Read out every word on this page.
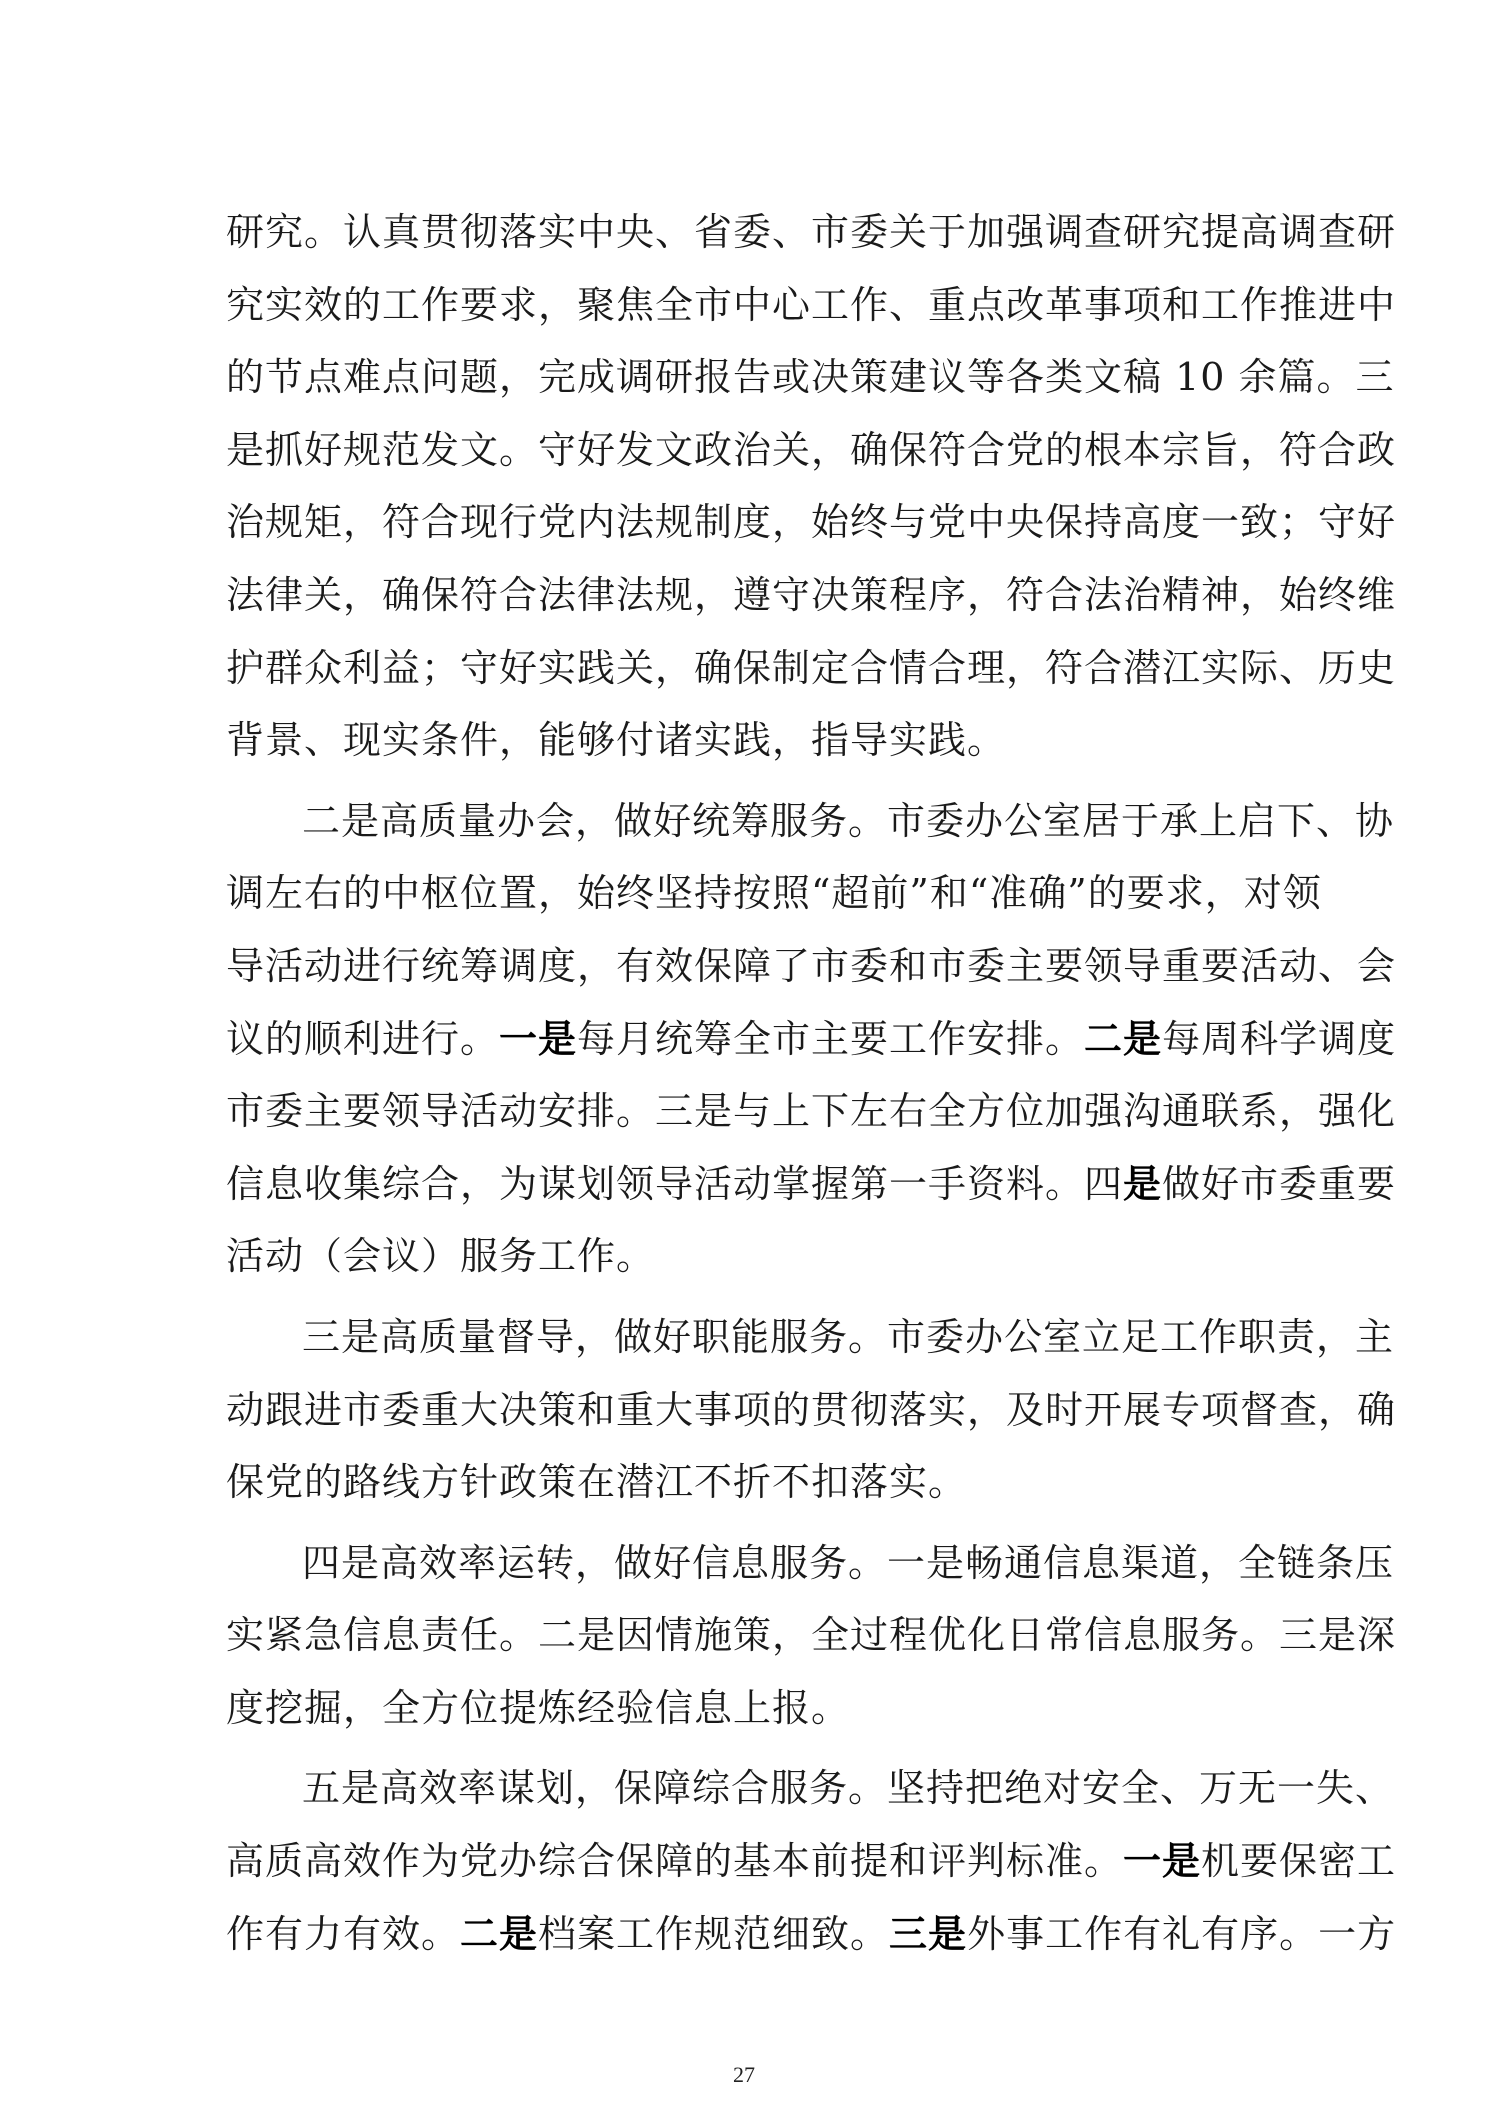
研究。认真贯彻落实中央、省委、市委关于加强调查研究提高调查研
究实效的工作要求，聚焦全市中心工作、重点改革事项和工作推进中
的节点难点问题，完成调研报告或决策建议等各类文稿 10 余篇。三
是抓好规范发文。守好发文政治关，确保符合党的根本宗旨，符合政
治规矩，符合现行党内法规制度，始终与党中央保持高度一致；守好
法律关，确保符合法律法规，遵守决策程序，符合法治精神，始终维
护群众利益；守好实践关，确保制定合情合理，符合潜江实际、历史
背景、现实条件，能够付诸实践，指导实践。
二是高质量办会，做好统筹服务。市委办公室居于承上启下、协
调左右的中枢位置，始终坚持按照“超前”和“准确”的要求，对领
导活动进行统筹调度，有效保障了市委和市委主要领导重要活动、会
议的顺利进行。一是每月统筹全市主要工作安排。二是每周科学调度
市委主要领导活动安排。三是与上下左右全方位加强沟通联系，强化
信息收集综合，为谋划领导活动掌握第一手资料。四是做好市委重要
活动（会议）服务工作。
三是高质量督导，做好职能服务。市委办公室立足工作职责，主
动跟进市委重大决策和重大事项的贯彻落实，及时开展专项督查，确
保党的路线方针政策在潜江不折不扣落实。
四是高效率运转，做好信息服务。一是畅通信息渠道，全链条压
实紧急信息责任。二是因情施策，全过程优化日常信息服务。三是深
度挖掘，全方位提炼经验信息上报。
五是高效率谋划，保障综合服务。坚持把绝对安全、万无一失、
高质高效作为党办综合保障的基本前提和评判标准。一是机要保密工
作有力有效。二是档案工作规范细致。三是外事工作有礼有序。一方
27
